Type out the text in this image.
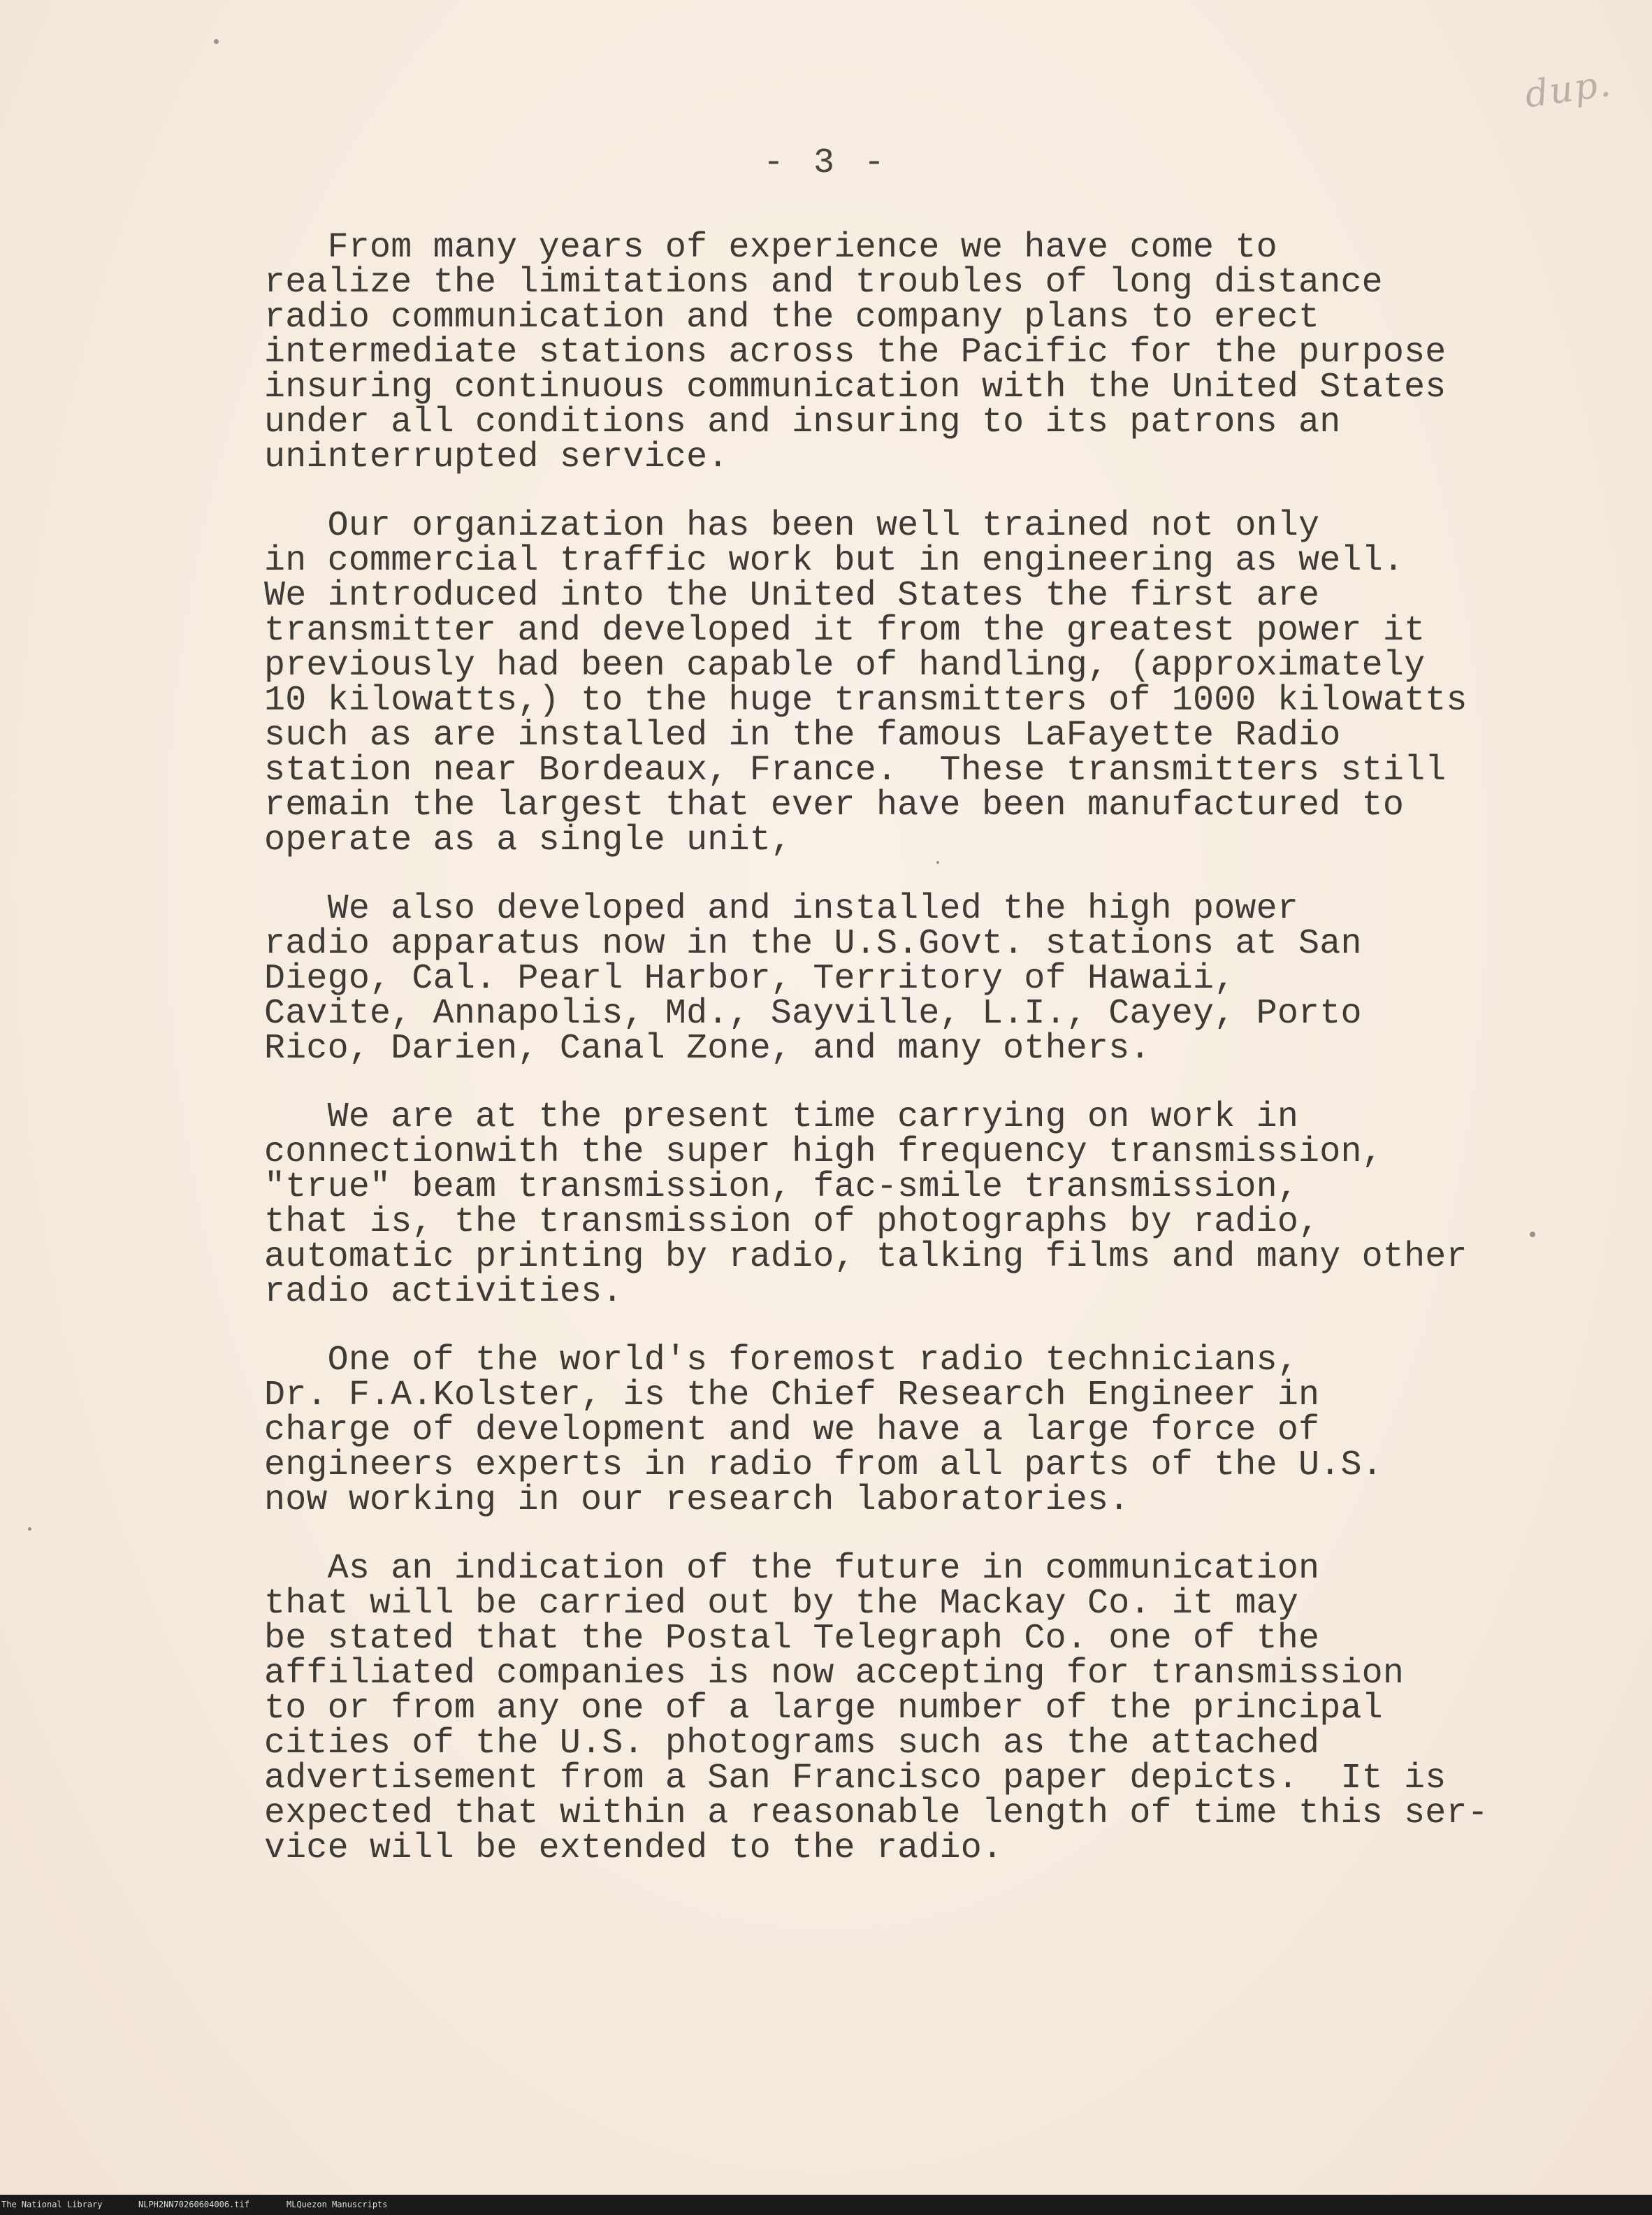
dup.
- 3 -
From many years of experience we have come to
realize the limitations and troubles of long distance
radio communication and the company plans to erect
intermediate stations across the Pacific for the purpose
insuring continuous communication with the United States
under all conditions and insuring to its patrons an
uninterrupted service.
Our organization has been well trained not only
in commercial traffic work but in engineering as well.
We introduced into the United States the first are
transmitter and developed it from the greatest power it
previously had been capable of handling, (approximately
10 kilowatts,) to the huge transmitters of 1000 kilowatts
such as are installed in the famous LaFayette Radio
station near Bordeaux, France.  These transmitters still
remain the largest that ever have been manufactured to
operate as a single unit,
We also developed and installed the high power
radio apparatus now in the U.S.Govt. stations at San
Diego, Cal. Pearl Harbor, Territory of Hawaii,
Cavite, Annapolis, Md., Sayville, L.I., Cayey, Porto
Rico, Darien, Canal Zone, and many others.
We are at the present time carrying on work in
connectionwith the super high frequency transmission,
"true" beam transmission, fac-smile transmission,
that is, the transmission of photographs by radio,
automatic printing by radio, talking films and many other
radio activities.
One of the world's foremost radio technicians,
Dr. F.A.Kolster, is the Chief Research Engineer in
charge of development and we have a large force of
engineers experts in radio from all parts of the U.S.
now working in our research laboratories.
As an indication of the future in communication
that will be carried out by the Mackay Co. it may
be stated that the Postal Telegraph Co. one of the
affiliated companies is now accepting for transmission
to or from any one of a large number of the principal
cities of the U.S. photograms such as the attached
advertisement from a San Francisco paper depicts.  It is
expected that within a reasonable length of time this ser-
vice will be extended to the radio.
The National Library	NLPH2NN70260604006.tif	MLQuezon Manuscripts
